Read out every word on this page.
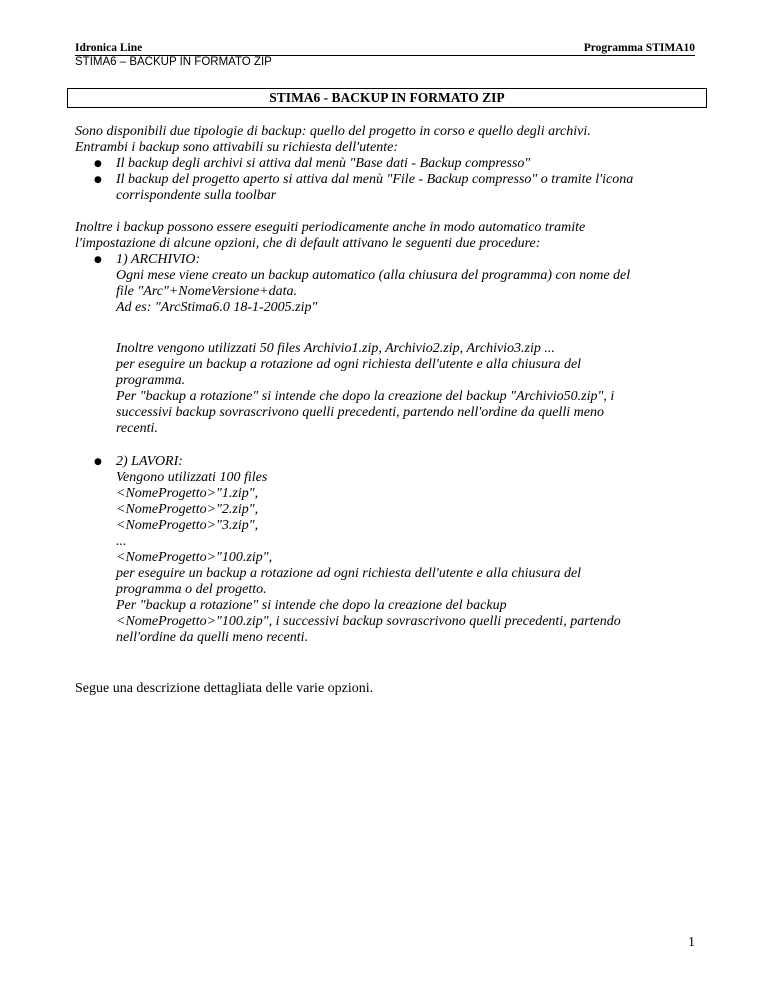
Idronica Line	Programma STIMA10
STIMA6 – BACKUP IN FORMATO ZIP
STIMA6 - BACKUP IN FORMATO ZIP
Sono disponibili due tipologie di backup: quello del progetto in corso e quello degli archivi.
Entrambi i backup sono attivabili su richiesta dell'utente:
● Il backup degli archivi si attiva dal menù "Base dati - Backup compresso"
● Il backup del progetto aperto si attiva dal menù "File - Backup compresso" o tramite l'icona
corrispondente sulla toolbar
Inoltre i backup possono essere eseguiti periodicamente anche in modo automatico tramite
l'impostazione di alcune opzioni, che di default attivano le seguenti due procedure:
● 1) ARCHIVIO:
Ogni mese viene creato un backup automatico (alla chiusura del programma) con nome del
file "Arc"+NomeVersione+data.
Ad es: "ArcStima6.0 18-1-2005.zip"
Inoltre vengono utilizzati 50 files Archivio1.zip, Archivio2.zip, Archivio3.zip ...
per eseguire un backup a rotazione ad ogni richiesta dell'utente e alla chiusura del
programma.
Per "backup a rotazione" si intende che dopo la creazione del backup "Archivio50.zip", i
successivi backup sovrascrivono quelli precedenti, partendo nell'ordine da quelli meno
recenti.
● 2) LAVORI:
Vengono utilizzati 100 files
<NomeProgetto>"1.zip",
<NomeProgetto>"2.zip",
<NomeProgetto>"3.zip",
...
<NomeProgetto>"100.zip",
per eseguire un backup a rotazione ad ogni richiesta dell'utente e alla chiusura del
programma o del progetto.
Per "backup a rotazione" si intende che dopo la creazione del backup
<NomeProgetto>"100.zip", i successivi backup sovrascrivono quelli precedenti, partendo
nell'ordine da quelli meno recenti.
Segue una descrizione dettagliata delle varie opzioni.
1
